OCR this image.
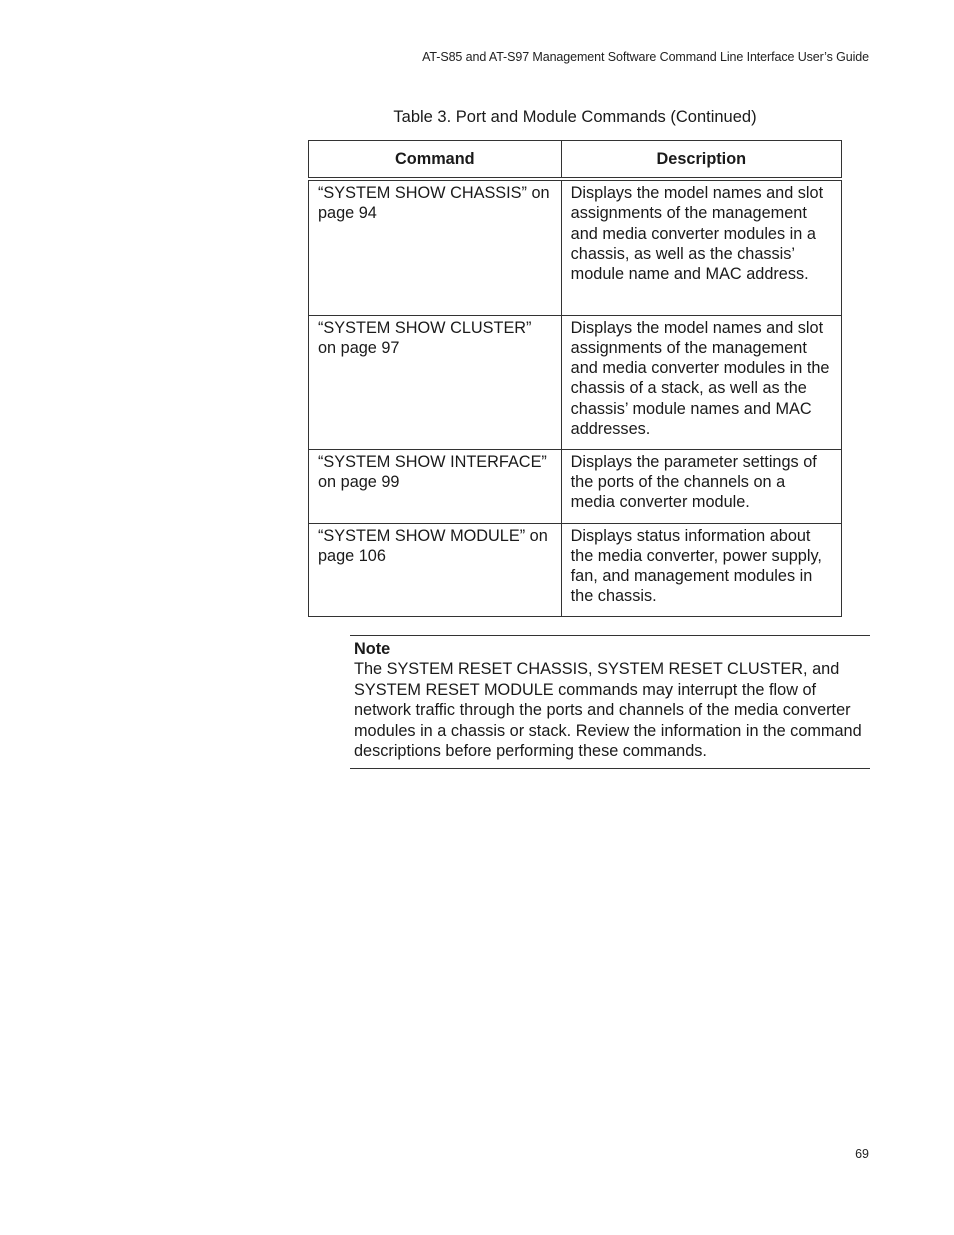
AT-S85 and AT-S97 Management Software Command Line Interface User’s Guide
Table 3. Port and Module Commands (Continued)
Command	Description
“SYSTEM SHOW CHASSIS” on page 94	Displays the model names and slot assignments of the management and media converter modules in a chassis, as well as the chassis’ module name and MAC address.
“SYSTEM SHOW CLUSTER” on page 97	Displays the model names and slot assignments of the management and media converter modules in the chassis of a stack, as well as the chassis’ module names and MAC addresses.
“SYSTEM SHOW INTERFACE” on page 99	Displays the parameter settings of the ports of the channels on a media converter module.
“SYSTEM SHOW MODULE” on page 106	Displays status information about the media converter, power supply, fan, and management modules in the chassis.
Note
The SYSTEM RESET CHASSIS, SYSTEM RESET CLUSTER, and SYSTEM RESET MODULE commands may interrupt the flow of network traffic through the ports and channels of the media converter modules in a chassis or stack. Review the information in the command descriptions before performing these commands.
69
